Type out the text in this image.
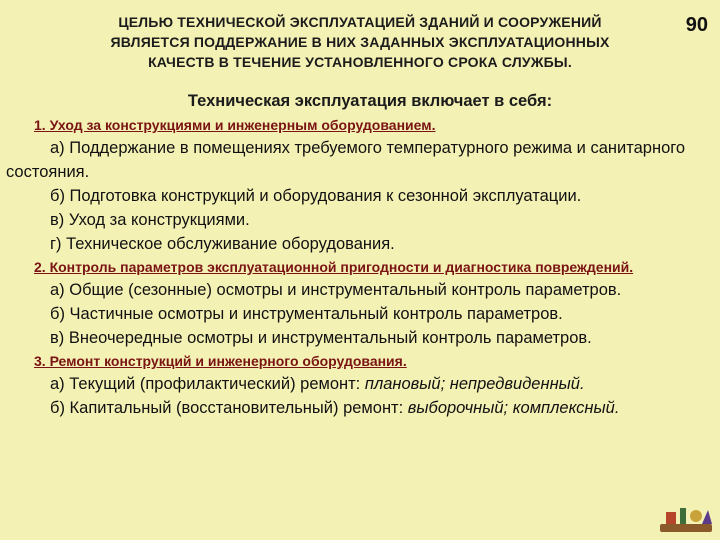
90

ЦЕЛЬЮ ТЕХНИЧЕСКОЙ ЭКСПЛУАТАЦИЕЙ ЗДАНИЙ И СООРУЖЕНИЙ

ЯВЛЯЕТСЯ ПОДДЕРЖАНИЕ В НИХ ЗАДАННЫХ ЭКСПЛУАТАЦИОННЫХ

КАЧЕСТВ В ТЕЧЕНИЕ УСТАНОВЛЕННОГО СРОКА СЛУЖБЫ.

Техническая эксплуатация включает в себя:

1. Уход за конструкциями и инженерным оборудованием.

а) Поддержание в помещениях требуемого температурного режима и санитарного состояния.

б) Подготовка конструкций и оборудования к сезонной эксплуатации.

в) Уход за конструкциями.

г) Техническое обслуживание оборудования.

2. Контроль параметров эксплуатационной пригодности и диагностика повреждений.

а) Общие (сезонные) осмотры и инструментальный контроль параметров.

б) Частичные осмотры и инструментальный контроль параметров.

в) Внеочередные осмотры и инструментальный контроль параметров.

3. Ремонт конструкций и инженерного оборудования.

а) Текущий (профилактический) ремонт: плановый; непредвиденный.

б) Капитальный (восстановительный) ремонт: выборочный; комплексный.
